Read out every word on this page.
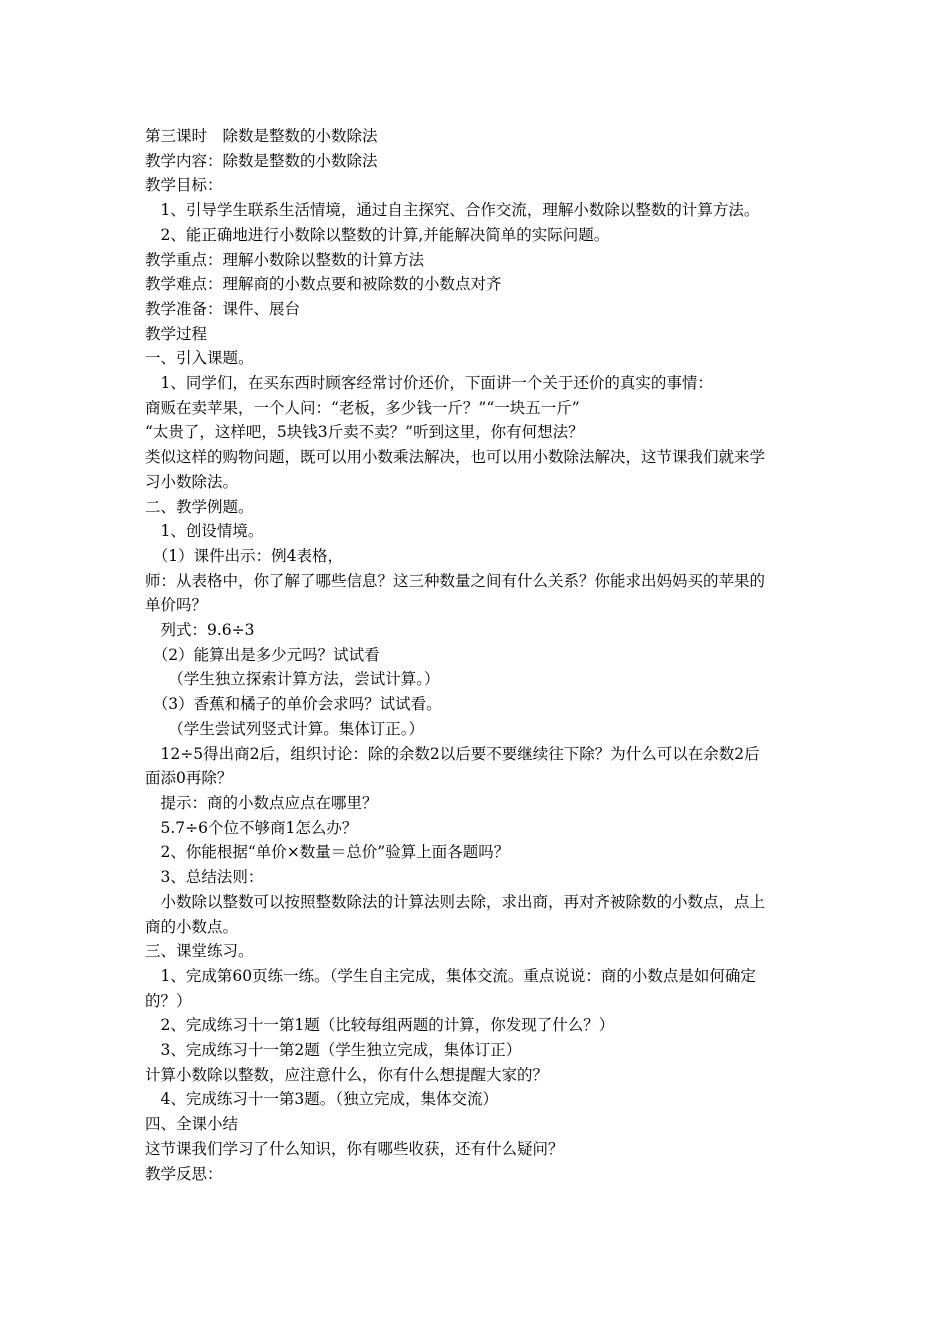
第三课时　除数是整数的小数除法
教学内容：除数是整数的小数除法
教学目标：
　1、引导学生联系生活情境，通过自主探究、合作交流，理解小数除以整数的计算方法。
　2、能正确地进行小数除以整数的计算,并能解决简单的实际问题。
教学重点：理解小数除以整数的计算方法
教学难点：理解商的小数点要和被除数的小数点对齐
教学准备：课件、展台
教学过程
一、引入课题。
　1、同学们，在买东西时顾客经常讨价还价，下面讲一个关于还价的真实的事情：
商贩在卖苹果，一个人问：“老板，多少钱一斤？”“一块五一斤”
“太贵了，这样吧，5块钱3斤卖不卖？”听到这里，你有何想法？
类似这样的购物问题，既可以用小数乘法解决，也可以用小数除法解决，这节课我们就来学
习小数除法。
二、教学例题。
　1、创设情境。
　（1）课件出示：例4表格，
师：从表格中，你了解了哪些信息？这三种数量之间有什么关系？你能求出妈妈买的苹果的
单价吗？
　列式：9.6÷3
　（2）能算出是多少元吗？试试看
　　（学生独立探索计算方法，尝试计算。）
　（3）香蕉和橘子的单价会求吗？试试看。
　　（学生尝试列竖式计算。集体订正。）
　12÷5得出商2后，组织讨论：除的余数2以后要不要继续往下除？为什么可以在余数2后
面添0再除？
　提示：商的小数点应点在哪里？
　5.7÷6个位不够商1怎么办？
　2、你能根据“单价×数量＝总价”验算上面各题吗？
　3、总结法则：
　小数除以整数可以按照整数除法的计算法则去除，求出商，再对齐被除数的小数点，点上
商的小数点。
三、课堂练习。
　1、完成第60页练一练。（学生自主完成，集体交流。重点说说：商的小数点是如何确定
的？）
　2、完成练习十一第1题（比较每组两题的计算，你发现了什么？）
　3、完成练习十一第2题（学生独立完成，集体订正）
计算小数除以整数，应注意什么，你有什么想提醒大家的？
　4、完成练习十一第3题。（独立完成，集体交流）
四、全课小结
这节课我们学习了什么知识，你有哪些收获，还有什么疑问？
教学反思：
